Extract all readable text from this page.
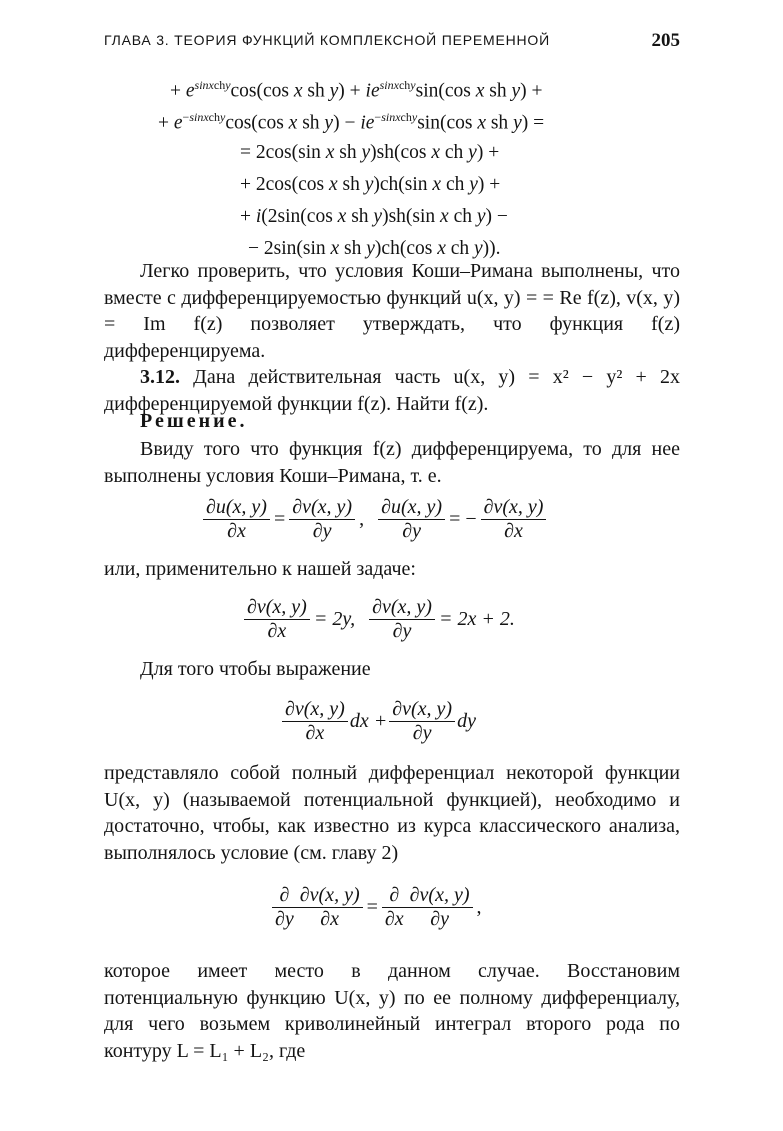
ГЛАВА 3. ТЕОРИЯ ФУНКЦИЙ КОМПЛЕКСНОЙ ПЕРЕМЕННОЙ	205
+ $e^{sinxchy}\cos(\cos$ x sh $y) + ie^{sinxchy}\sin(\cos$ x sh y) +
+ $e^{-sinxchy}\cos(\cos$ x sh $y) - ie^{-sinxchy}\sin(\cos$ x sh y) =
= 2cos(sin x sh y)sh(cos x ch y) +
+ 2cos(cos x sh y)ch(sin x ch y) +
+ i(2sin(cos x sh y)sh(sin x ch y) −
− 2sin(sin x sh y)ch(cos x ch y)).
Легко проверить, что условия Коши–Римана выполнены, что вместе с дифференцируемостью функций u(x, y) = = Re f(z), v(x, y) = Im f(z) позволяет утверждать, что функция f(z) дифференцируема.
3.12. Дана действительная часть u(x, y) = x² − y² + 2x дифференцируемой функции f(z). Найти f(z).
Решение.
Ввиду того что функция f(z) дифференцируема, то для нее выполнены условия Коши–Римана, т. е.
$\frac{\partial u(x, y)}{\partial x} = \frac{\partial v(x, y)}{\partial y}$ , $\frac{\partial u(x, y)}{\partial y}$ = − $\frac{\partial v(x, y)}{\partial x}$
или, применительно к нашей задаче:
$\frac{\partial v(x, y)}{\partial x} = 2y$, $\frac{\partial v(x, y)}{\partial y} = 2x + 2$.
Для того чтобы выражение
$\frac{\partial v(x, y)}{\partial x}$ dx + $\frac{\partial v(x, y)}{\partial y}$ dy
представляло собой полный дифференциал некоторой функции U(x, y) (называемой потенциальной функцией), необходимо и достаточно, чтобы, как известно из курса классического анализа, выполнялось условие (см. главу 2)
$\frac{\partial}{\partial y} \frac{\partial v(x, y)}{\partial x} = \frac{\partial}{\partial x} \frac{\partial v(x, y)}{\partial y}$ ,
которое имеет место в данном случае. Восстановим потенциальную функцию U(x, y) по ее полному дифференциалу, для чего возьмем криволинейный интеграл второго рода по контуру L = L₁ + L₂, где
